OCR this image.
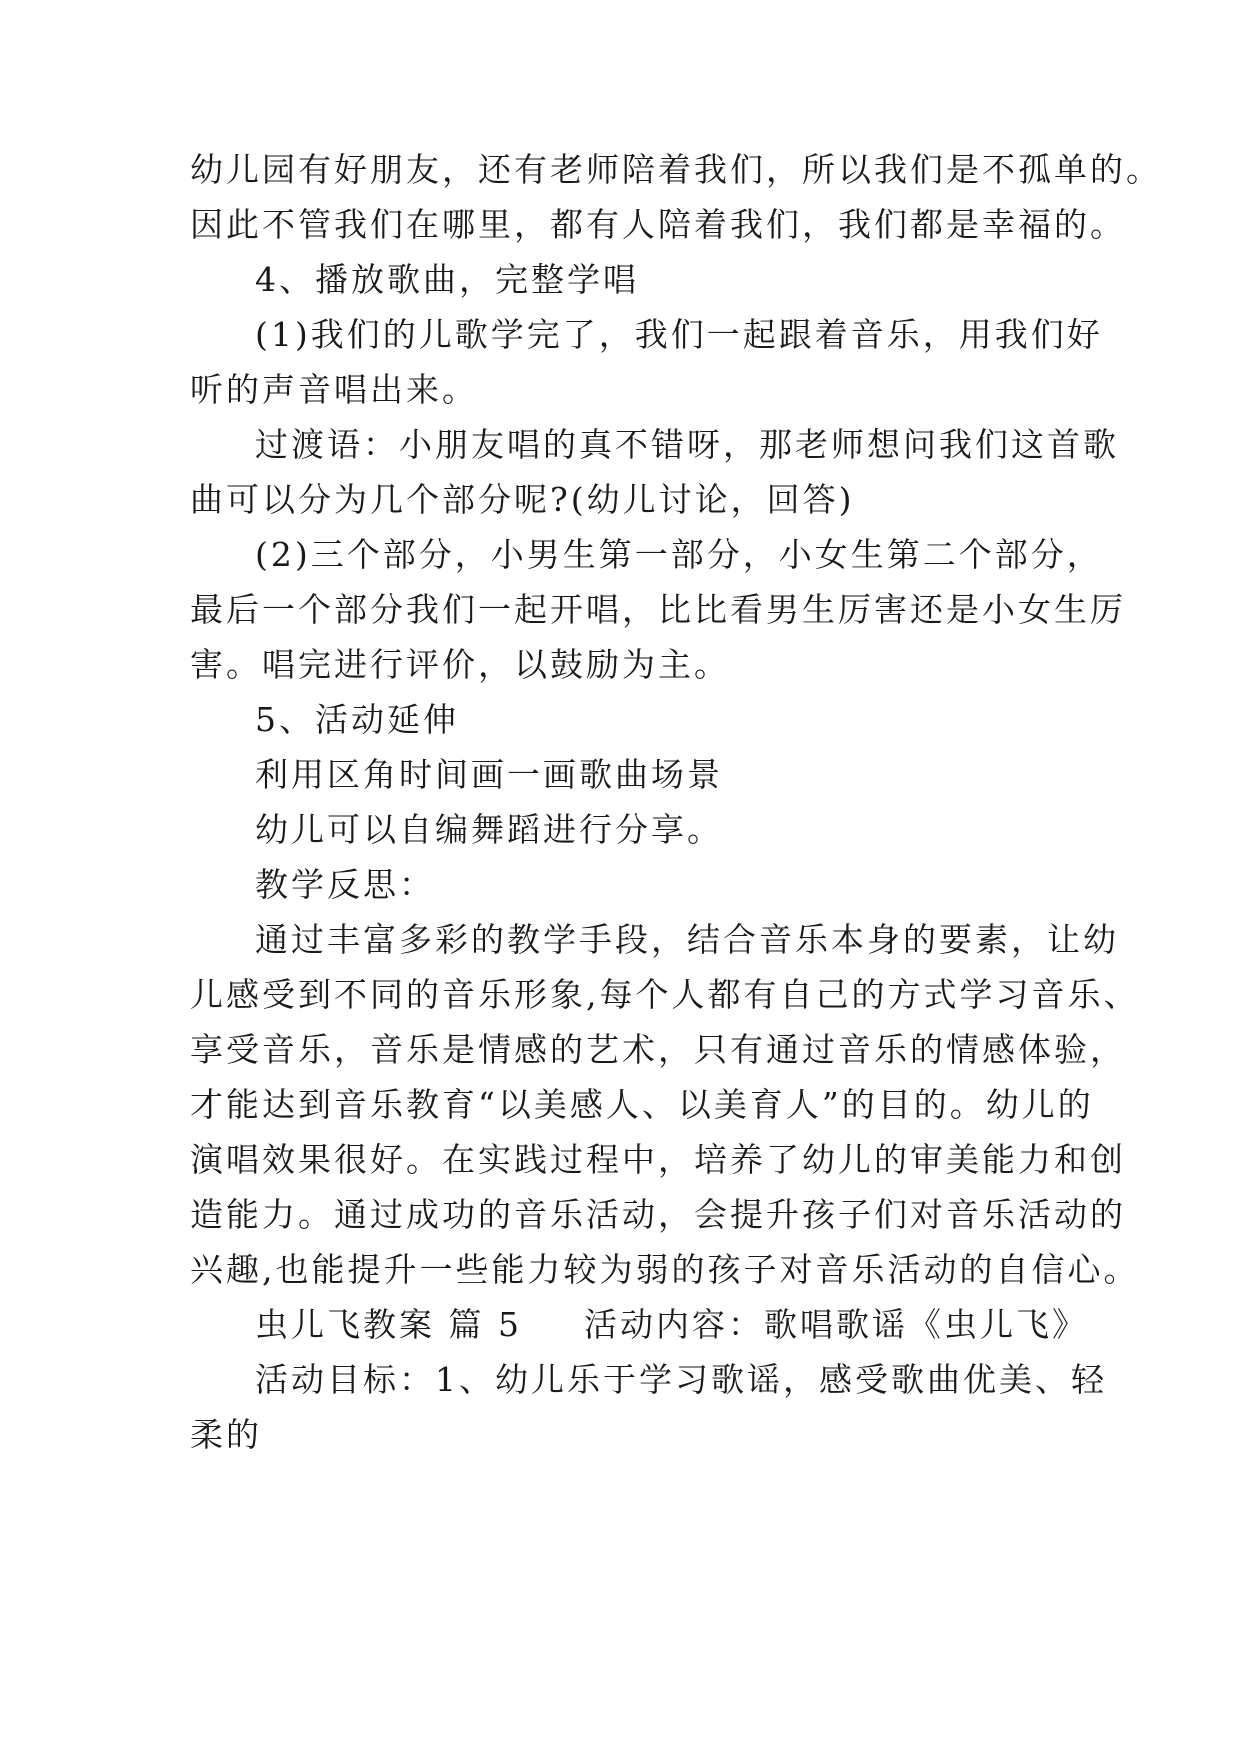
幼儿园有好朋友，还有老师陪着我们，所以我们是不孤单的。

因此不管我们在哪里，都有人陪着我们，我们都是幸福的。

4、播放歌曲，完整学唱

(1)我们的儿歌学完了，我们一起跟着音乐，用我们好

听的声音唱出来。

过渡语：小朋友唱的真不错呀，那老师想问我们这首歌

曲可以分为几个部分呢?(幼儿讨论，回答)

(2)三个部分，小男生第一部分，小女生第二个部分，

最后一个部分我们一起开唱，比比看男生厉害还是小女生厉

害。唱完进行评价，以鼓励为主。

5、活动延伸

利用区角时间画一画歌曲场景

幼儿可以自编舞蹈进行分享。

教学反思：

通过丰富多彩的教学手段，结合音乐本身的要素，让幼

儿感受到不同的音乐形象,每个人都有自己的方式学习音乐、

享受音乐，音乐是情感的艺术，只有通过音乐的情感体验，

才能达到音乐教育“以美感人、以美育人”的目的。幼儿的

演唱效果很好。在实践过程中，培养了幼儿的审美能力和创

造能力。通过成功的音乐活动，会提升孩子们对音乐活动的

兴趣,也能提升一些能力较为弱的孩子对音乐活动的自信心。

虫儿飞教案 篇 5 活动内容：歌唱歌谣《虫儿飞》

活动目标：1、幼儿乐于学习歌谣，感受歌曲优美、轻

柔的
